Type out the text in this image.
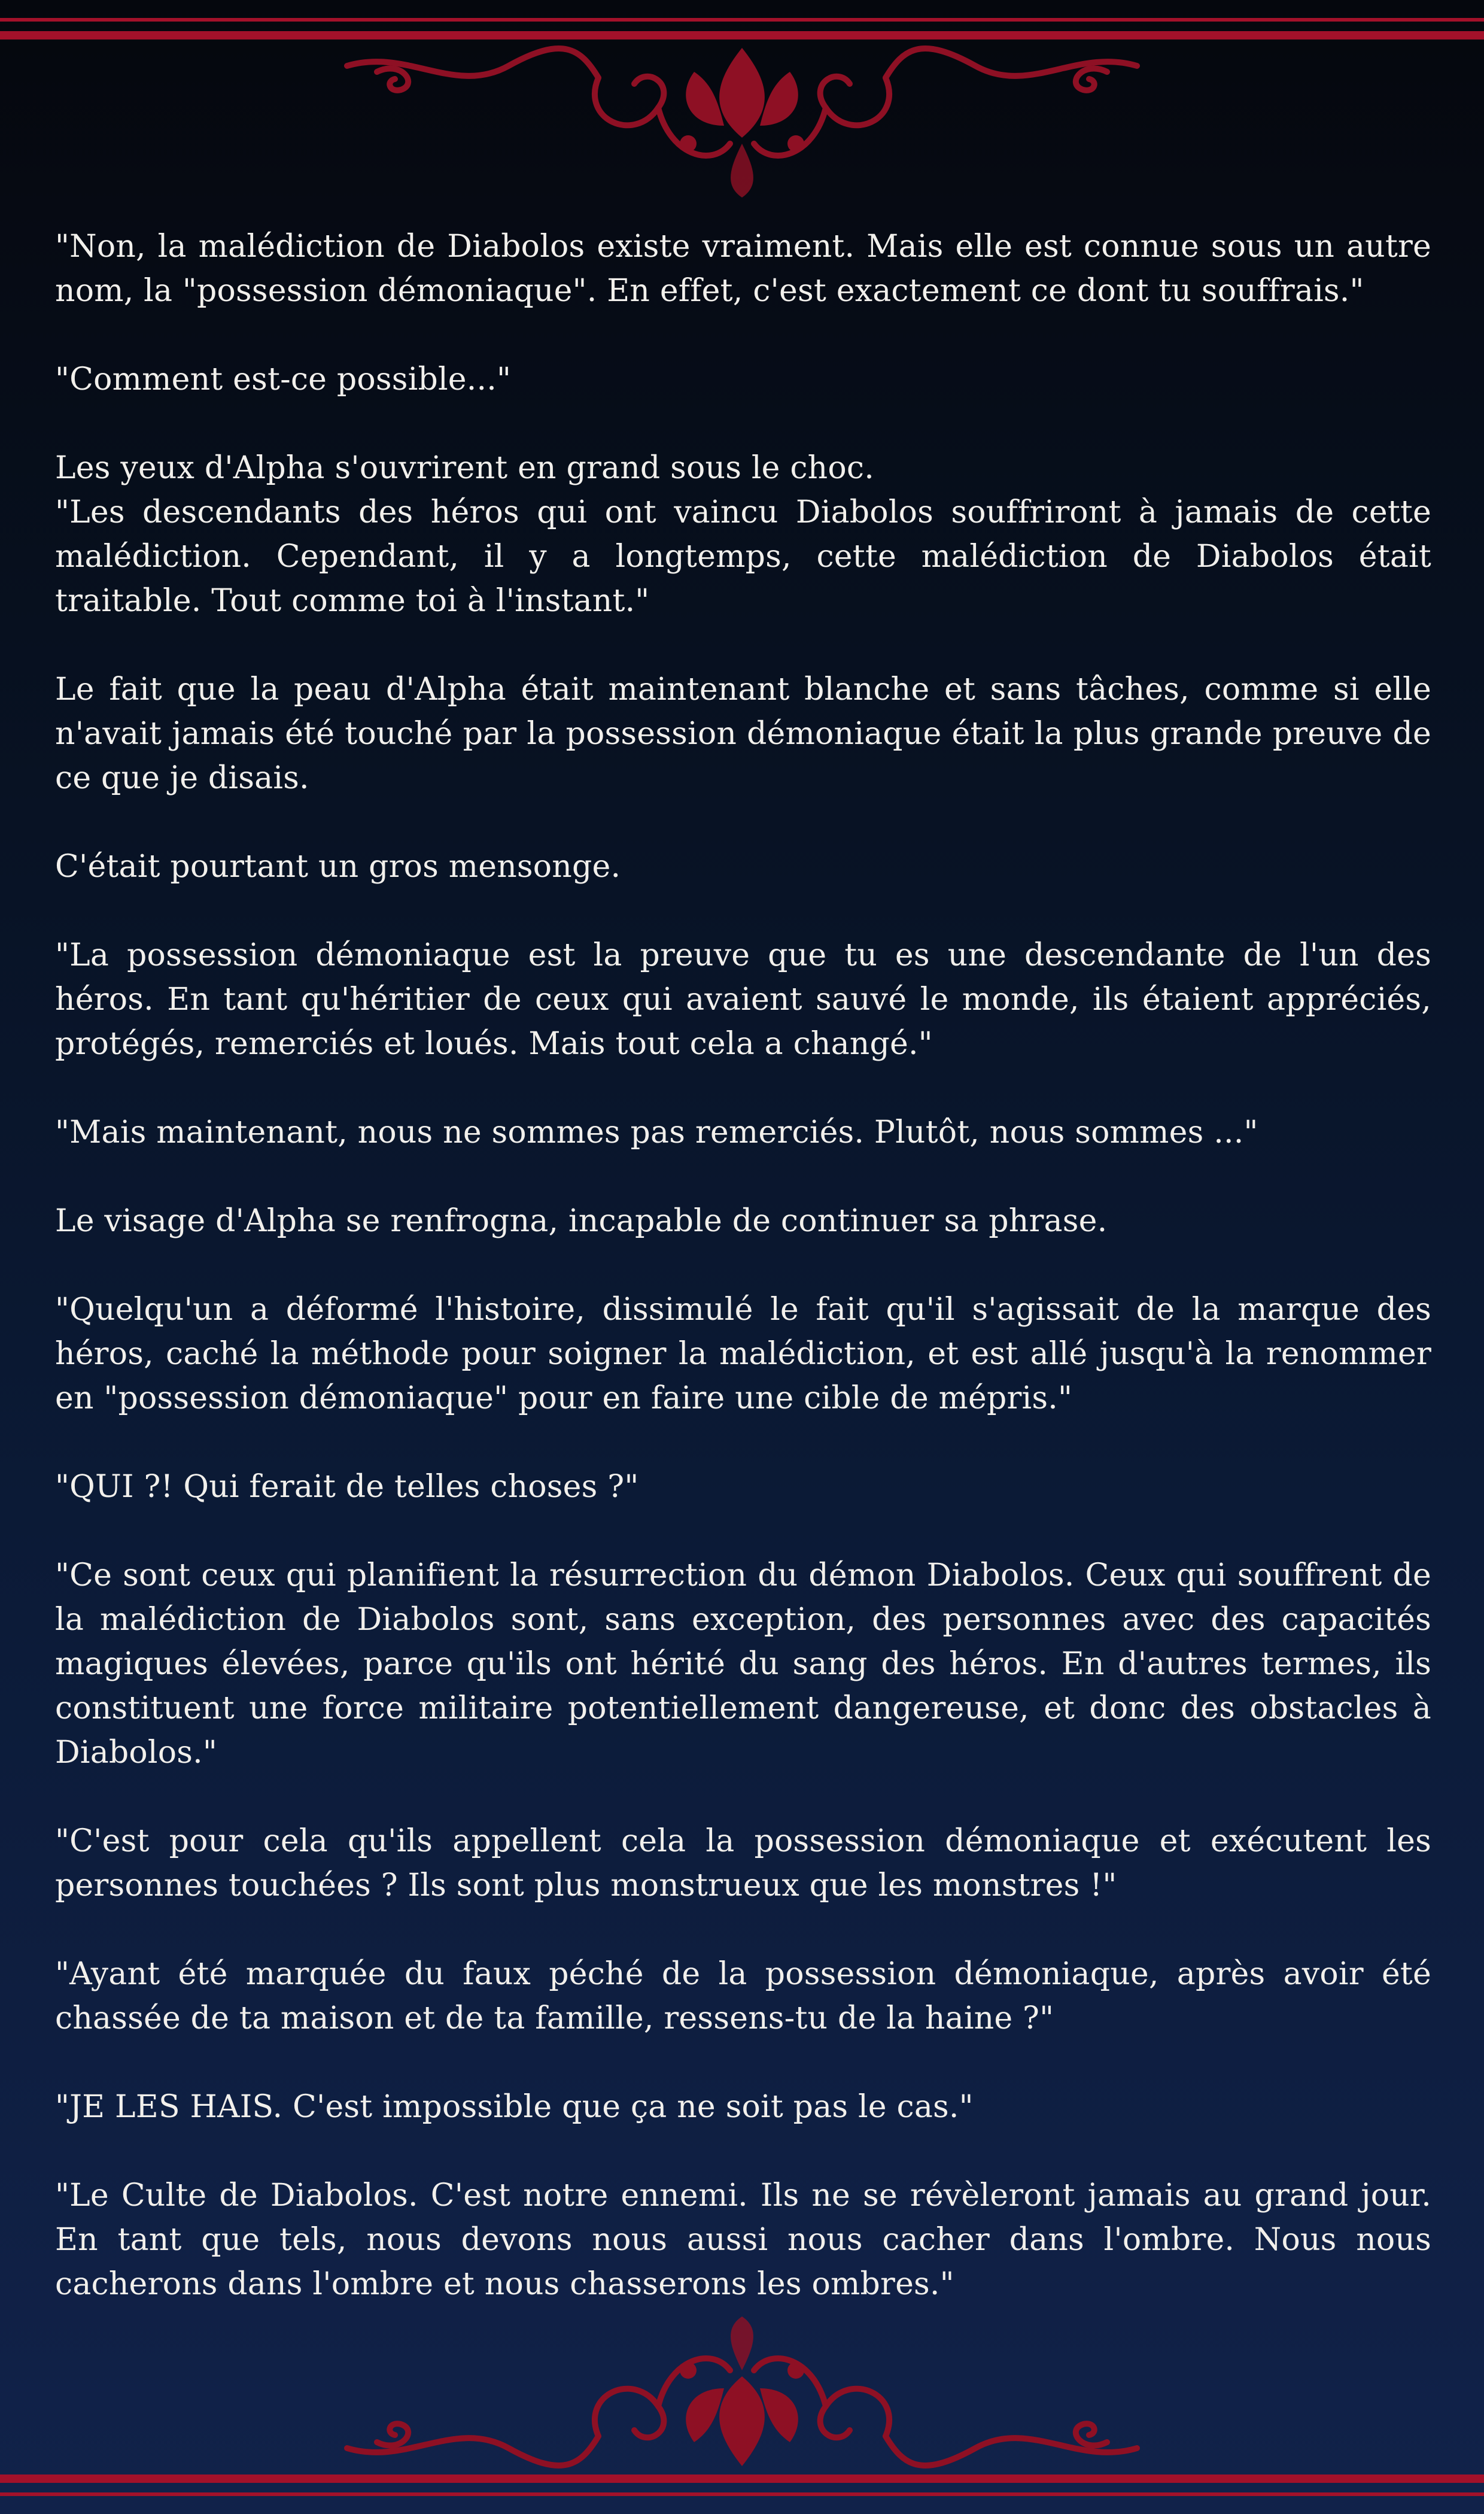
"Non, la malédiction de Diabolos existe vraiment. Mais elle est connue sous un autre nom, la "possession démoniaque". En effet, c'est exactement ce dont tu souffrais."

"Comment est-ce possible..."

Les yeux d'Alpha s'ouvrirent en grand sous le choc.

"Les descendants des héros qui ont vaincu Diabolos souffriront à jamais de cette malédiction. Cependant, il y a longtemps, cette malédiction de Diabolos était traitable. Tout comme toi à l'instant."

Le fait que la peau d'Alpha était maintenant blanche et sans tâches, comme si elle n'avait jamais été touché par la possession démoniaque était la plus grande preuve de ce que je disais.

C'était pourtant un gros mensonge.

"La possession démoniaque est la preuve que tu es une descendante de l'un des héros. En tant qu'héritier de ceux qui avaient sauvé le monde, ils étaient appréciés, protégés, remerciés et loués. Mais tout cela a changé."

"Mais maintenant, nous ne sommes pas remerciés. Plutôt, nous sommes ..."

Le visage d'Alpha se renfrogna, incapable de continuer sa phrase.

"Quelqu'un a déformé l'histoire, dissimulé le fait qu'il s'agissait de la marque des héros, caché la méthode pour soigner la malédiction, et est allé jusqu'à la renommer en "possession démoniaque" pour en faire une cible de mépris."

"QUI ?! Qui ferait de telles choses ?"

"Ce sont ceux qui planifient la résurrection du démon Diabolos. Ceux qui souffrent de la malédiction de Diabolos sont, sans exception, des personnes avec des capacités magiques élevées, parce qu'ils ont hérité du sang des héros. En d'autres termes, ils constituent une force militaire potentiellement dangereuse, et donc des obstacles à Diabolos."

"C'est pour cela qu'ils appellent cela la possession démoniaque et exécutent les personnes touchées ? Ils sont plus monstrueux que les monstres !"

"Ayant été marquée du faux péché de la possession démoniaque, après avoir été chassée de ta maison et de ta famille, ressens-tu de la haine ?"

"JE LES HAIS. C'est impossible que ça ne soit pas le cas."

"Le Culte de Diabolos. C'est notre ennemi. Ils ne se révèleront jamais au grand jour. En tant que tels, nous devons nous aussi nous cacher dans l'ombre. Nous nous cacherons dans l'ombre et nous chasserons les ombres."
